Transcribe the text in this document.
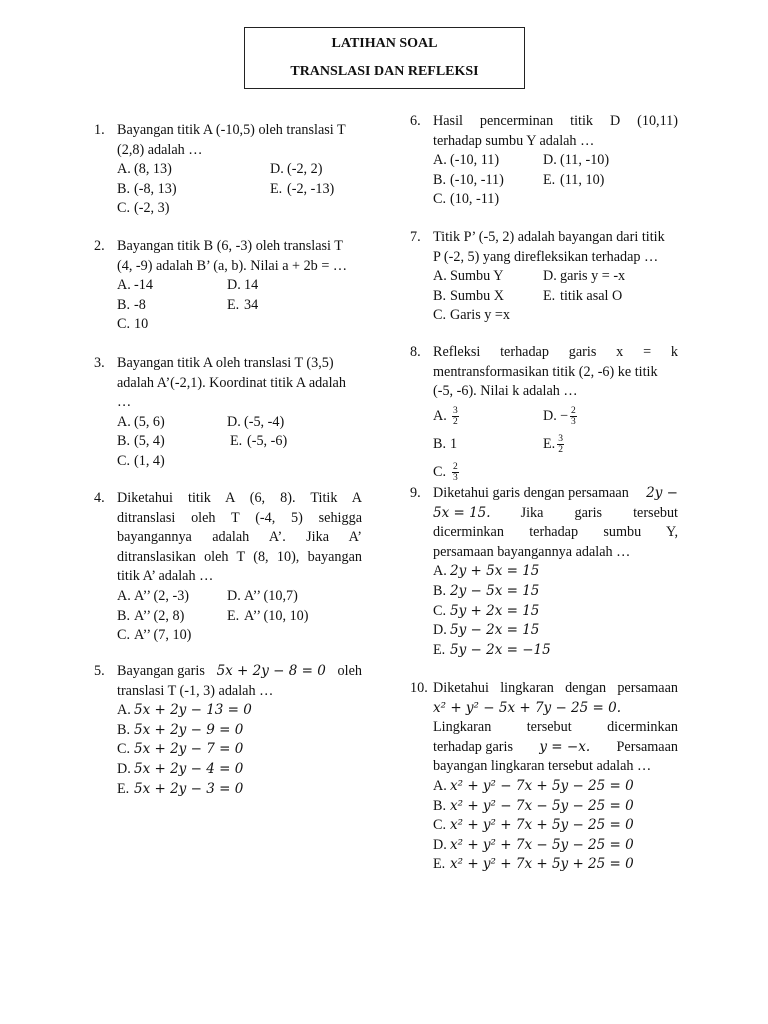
LATIHAN SOAL
TRANSLASI DAN REFLEKSI
1. Bayangan titik A (-10,5) oleh translasi T
(2,8) adalah …
A. (8, 13)	D. (-2, 2)
B. (-8, 13)	E. (-2, -13)
C. (-2, 3)
2. Bayangan titik B (6, -3) oleh translasi T
(4, -9) adalah B’ (a, b). Nilai a + 2b = …
A. -14	D. 14
B. -8	E. 34
C. 10
3. Bayangan titik A oleh translasi T (3,5)
adalah A’(-2,1). Koordinat titik A adalah
…
A. (5, 6)	D. (-5, -4)
B. (5, 4)	E. (-5, -6)
C. (1, 4)
4. Diketahui titik A (6, 8). Titik A
ditranslasi oleh T (-4, 5) sehigga
bayangannya adalah A’. Jika A’
ditranslasikan oleh T (8, 10), bayangan
titik A’ adalah …
A. A’’ (2, -3)	D. A’’ (10,7)
B. A’’ (2, 8)	E. A’’ (10, 10)
C. A’’ (7, 10)
5. Bayangan garis 5x + 2y − 8 = 0 oleh
translasi T (-1, 3) adalah …
A. 5x + 2y − 13 = 0
B. 5x + 2y − 9 = 0
C. 5x + 2y − 7 = 0
D. 5x + 2y − 4 = 0
E. 5x + 2y − 3 = 0
6. Hasil pencerminan titik D (10,11)
terhadap sumbu Y adalah …
A. (-10, 11)	D. (11, -10)
B. (-10, -11)	E. (11, 10)
C. (10, -11)
7. Titik P’ (-5, 2) adalah bayangan dari titik
P (-2, 5) yang direfleksikan terhadap …
A. Sumbu Y	D. garis y = -x
B. Sumbu X	E. titik asal O
C. Garis y =x
8. Refleksi terhadap garis x = k
mentransformasikan titik (2, -6) ke titik
(-5, -6). Nilai k adalah …
A. $\frac{3}{2}$	D. − $\frac{2}{3}$
B. 1	E. $\frac{3}{2}$
C. $\frac{2}{3}$
9. Diketahui garis dengan persamaan 2y −
5x = 15. Jika garis tersebut
dicerminkan terhadap sumbu Y,
persamaan bayangannya adalah …
A. 2y + 5x = 15
B. 2y − 5x = 15
C. 5y + 2x = 15
D. 5y − 2x = 15
E. 5y − 2x = −15
10. Diketahui lingkaran dengan persamaan
x² + y² − 5x + 7y − 25 = 0.
Lingkaran tersebut dicerminkan
terhadap garis y = −x. Persamaan
bayangan lingkaran tersebut adalah …
A. x² + y² − 7x + 5y − 25 = 0
B. x² + y² − 7x − 5y − 25 = 0
C. x² + y² + 7x + 5y − 25 = 0
D. x² + y² + 7x − 5y − 25 = 0
E. x² + y² + 7x + 5y + 25 = 0
